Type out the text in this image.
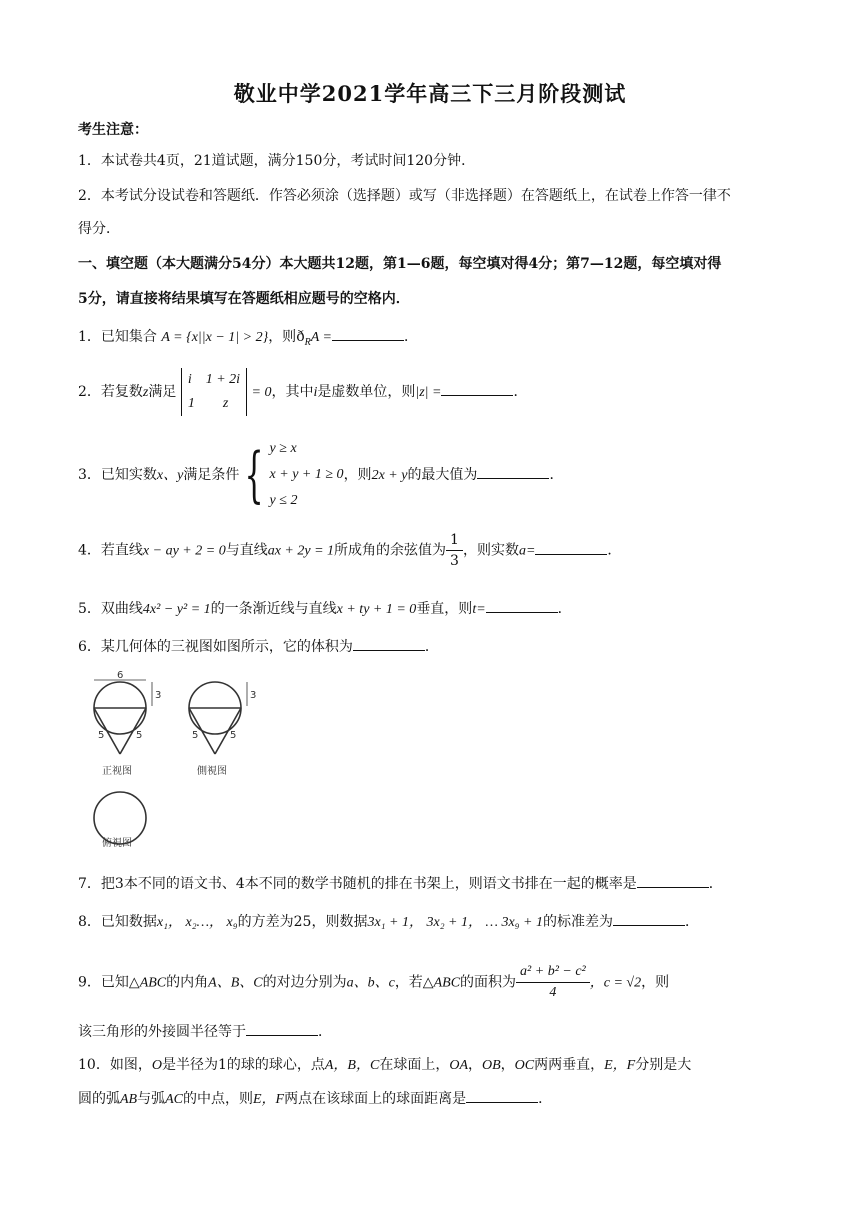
敬业中学2021学年高三下三月阶段测试
考生注意：
1．本试卷共4页，21道试题，满分150分，考试时间120分钟．
2．本考试分设试卷和答题纸．作答必须涂（选择题）或写（非选择题）在答题纸上，在试卷上作答一律不
得分．
一、填空题（本大题满分54分）本大题共12题，第1—6题，每空填对得4分；第7—12题，每空填对得
5分，请直接将结果填写在答题纸相应题号的空格内．
1．已知集合 A = {x||x − 1| > 2}，则$ð_RA$ =	．
2．若复数z满足
i    1 + 2i
1        z
= 0，其中i是虚数单位，则|z| =	．
3．已知实数x、y满足条件{ y ≥ x
x + y + 1 ≥ 0
y ≤ 2
，则2x + y的最大值为	．
4．若直线x − ay + 2 = 0与直线ax + 2y = 1所成角的余弦值为 $\frac{1}{3}$ ，则实数a=	．
5．双曲线4x² − y² = 1的一条渐近线与直线x + ty + 1 = 0垂直，则t=	．
6．某几何体的三视图如图所示，它的体积为	．
6
3
5	5
3
5	5
正视图	側視图
俯視图
7．把3本不同的语文书、4本不同的数学书随机的排在书架上，则语文书排在一起的概率是	．
8．已知数据x₁， x₂…， x₉的方差为25，则数据3x₁ + 1， 3x₂ + 1， … 3x₉ + 1的标准差为	．
9．已知△ABC的内角A、B、C的对边分别为a、b、c，若△ABC的面积为 $\frac{\text{a² + b² − c²}}{4}$ ，c = √2，则
该三角形的外接圆半径等于	．
10．如图，O是半径为1的球的球心，点A，B，C在球面上，OA，OB，OC两两垂直，E，F分别是大
圆的弧AB与弧AC的中点，则E，F两点在该球面上的球面距离是	．
